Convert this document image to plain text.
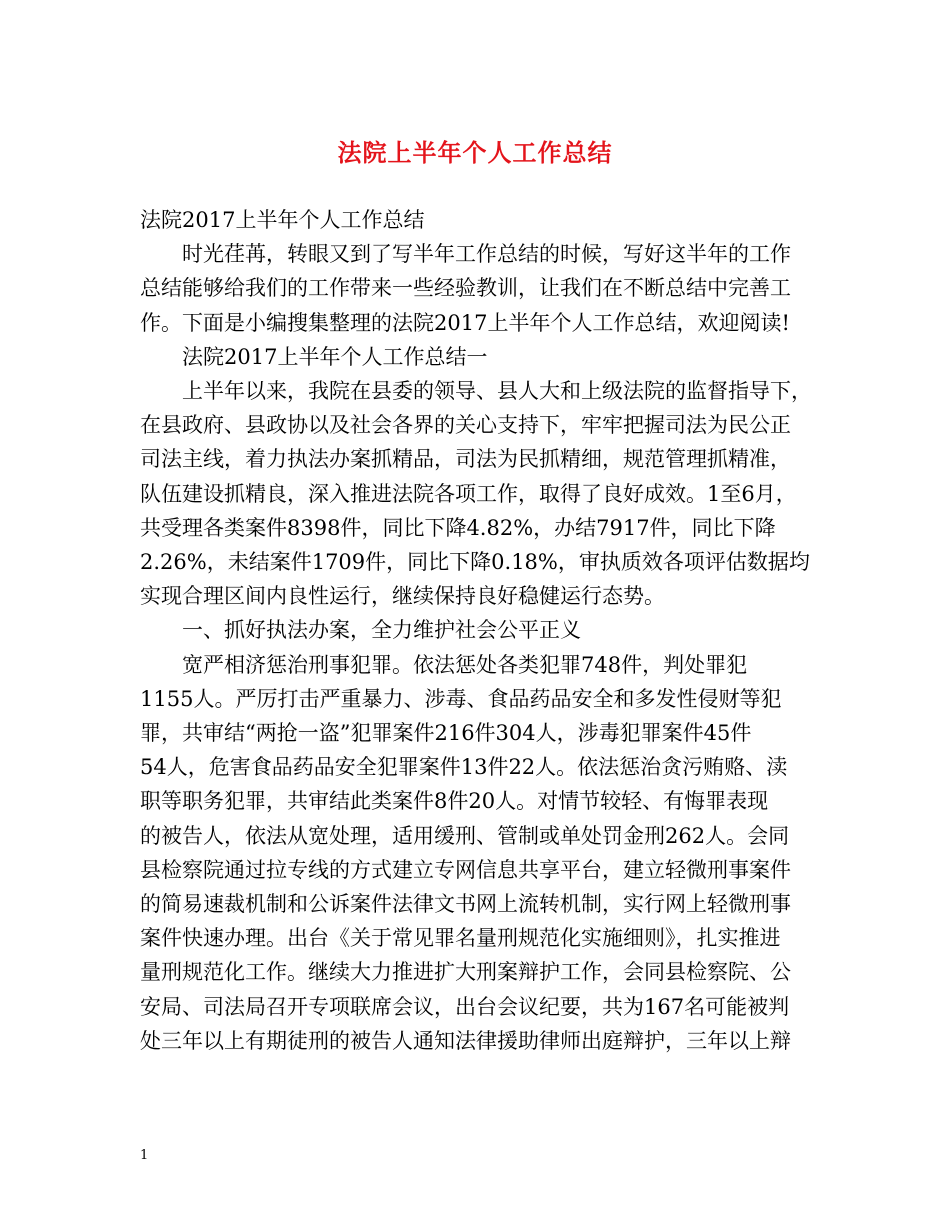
法院上半年个人工作总结
法院2017上半年个人工作总结
时光荏苒，转眼又到了写半年工作总结的时候，写好这半年的工作
总结能够给我们的工作带来一些经验教训，让我们在不断总结中完善工
作。下面是小编搜集整理的法院2017上半年个人工作总结，欢迎阅读!
法院2017上半年个人工作总结一
上半年以来，我院在县委的领导、县人大和上级法院的监督指导下，
在县政府、县政协以及社会各界的关心支持下，牢牢把握司法为民公正
司法主线，着力执法办案抓精品，司法为民抓精细，规范管理抓精准，
队伍建设抓精良，深入推进法院各项工作，取得了良好成效。1至6月，
共受理各类案件8398件，同比下降4.82%，办结7917件，同比下降
2.26%，未结案件1709件，同比下降0.18%，审执质效各项评估数据均
实现合理区间内良性运行，继续保持良好稳健运行态势。
一、抓好执法办案，全力维护社会公平正义
宽严相济惩治刑事犯罪。依法惩处各类犯罪748件，判处罪犯
1155人。严厉打击严重暴力、涉毒、食品药品安全和多发性侵财等犯
罪，共审结“两抢一盗”犯罪案件216件304人，涉毒犯罪案件45件
54人，危害食品药品安全犯罪案件13件22人。依法惩治贪污贿赂、渎
职等职务犯罪，共审结此类案件8件20人。对情节较轻、有悔罪表现
的被告人，依法从宽处理，适用缓刑、管制或单处罚金刑262人。会同
县检察院通过拉专线的方式建立专网信息共享平台，建立轻微刑事案件
的简易速裁机制和公诉案件法律文书网上流转机制，实行网上轻微刑事
案件快速办理。出台《关于常见罪名量刑规范化实施细则》，扎实推进
量刑规范化工作。继续大力推进扩大刑案辩护工作，会同县检察院、公
安局、司法局召开专项联席会议，出台会议纪要，共为167名可能被判
处三年以上有期徒刑的被告人通知法律援助律师出庭辩护，三年以上辩
1
